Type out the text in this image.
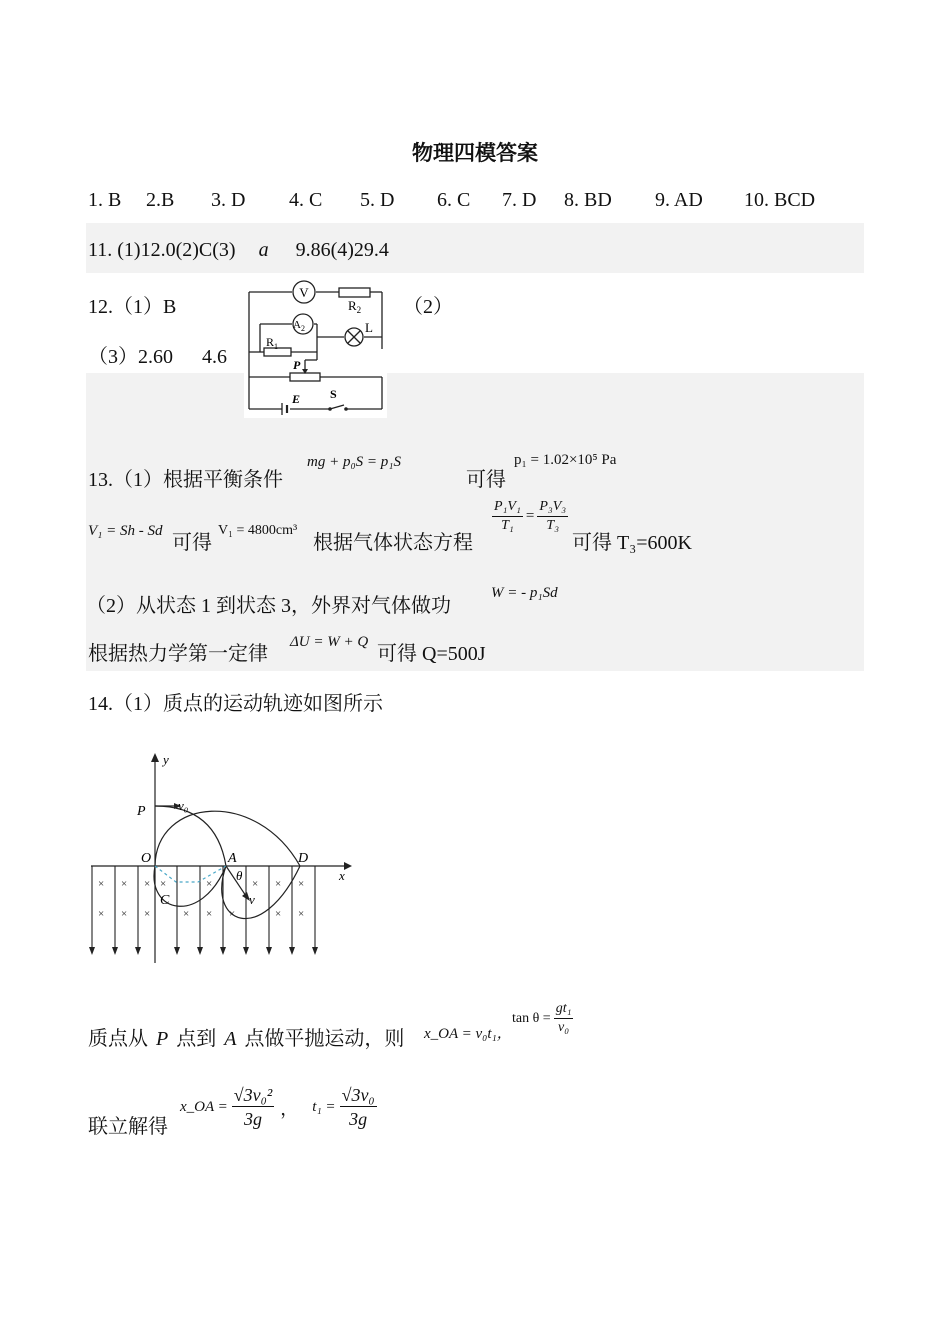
物理四模答案
1. B 2.B 3. D 4. C 5. D 6. C 7. D 8. BD 9. AD 10. BCD
11. (1)12.0(2)C(3) a 9.86(4)29.4
12.（1）B	（2）
（3）2.60 4.6
V
$R_2$
$A_2$	L
$R_1$
P
E S
13.（1）根据平衡条件
mg + p₀S = p₁S
可得
p₁ = 1.02×10⁵ Pa
V₁ = Sh - Sd
可得
V₁ = 4800cm³
根据气体状态方程
$\frac{\text{P₁V₁}}{\text{T₁}} = \frac{\text{P₃V₃}}{\text{T₃}}$
可得 T₃=600K
（2）从状态 1 到状态 3，外界对气体做功
W = - p₁Sd
根据热力学第一定律
ΔU = W + Q
可得 Q=500J
14.（1）质点的运动轨迹如图所示
× × × ×	×	× × ×
× × ×	× × ×	× ×
y
x
P v₀
O	A	D
C
θ
v
质点从 P 点到 A 点做平抛运动，则 x_OA = v₀t₁，
$\tan \theta = \frac{\text{gt₁}}{\text{v₀}}$
联立解得
x_OA = $\frac{\text{√3v₀²}}{3g}$ ， $t_1 = \frac{\text{√3v₀}}{3g}$
